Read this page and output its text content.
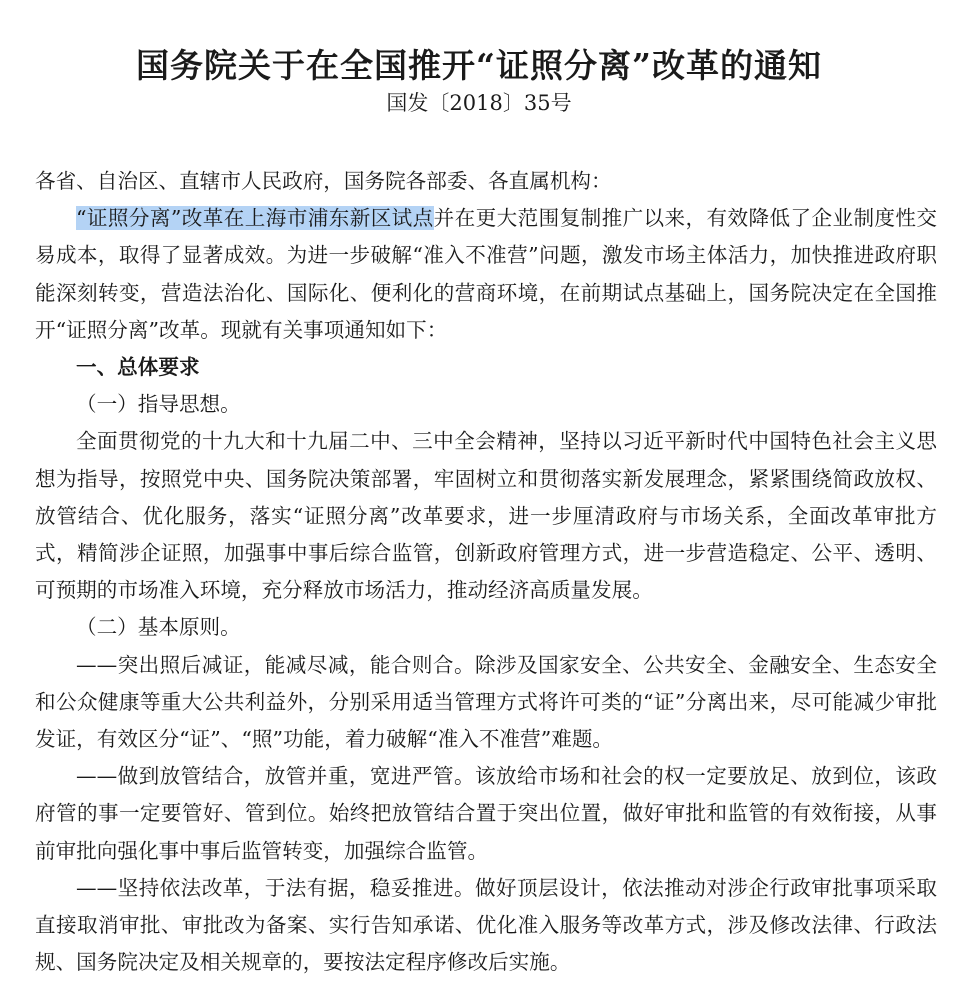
国务院关于在全国推开“证照分离”改革的通知
国发〔2018〕35号

各省、自治区、直辖市人民政府，国务院各部委、各直属机构：

“证照分离”改革在上海市浦东新区试点并在更大范围复制推广以来，有效降低了企业制度性交易成本，取得了显著成效。为进一步破解“准入不准营”问题，激发市场主体活力，加快推进政府职能深刻转变，营造法治化、国际化、便利化的营商环境，在前期试点基础上，国务院决定在全国推开“证照分离”改革。现就有关事项通知如下：

一、总体要求

（一）指导思想。

全面贯彻党的十九大和十九届二中、三中全会精神，坚持以习近平新时代中国特色社会主义思想为指导，按照党中央、国务院决策部署，牢固树立和贯彻落实新发展理念，紧紧围绕简政放权、放管结合、优化服务，落实“证照分离”改革要求，进一步厘清政府与市场关系，全面改革审批方式，精简涉企证照，加强事中事后综合监管，创新政府管理方式，进一步营造稳定、公平、透明、可预期的市场准入环境，充分释放市场活力，推动经济高质量发展。

（二）基本原则。

——突出照后减证，能减尽减，能合则合。除涉及国家安全、公共安全、金融安全、生态安全和公众健康等重大公共利益外，分别采用适当管理方式将许可类的“证”分离出来，尽可能减少审批发证，有效区分“证”、“照”功能，着力破解“准入不准营”难题。

——做到放管结合，放管并重，宽进严管。该放给市场和社会的权一定要放足、放到位，该政府管的事一定要管好、管到位。始终把放管结合置于突出位置，做好审批和监管的有效衔接，从事前审批向强化事中事后监管转变，加强综合监管。

——坚持依法改革，于法有据，稳妥推进。做好顶层设计，依法推动对涉企行政审批事项采取直接取消审批、审批改为备案、实行告知承诺、优化准入服务等改革方式，涉及修改法律、行政法规、国务院决定及相关规章的，要按法定程序修改后实施。
